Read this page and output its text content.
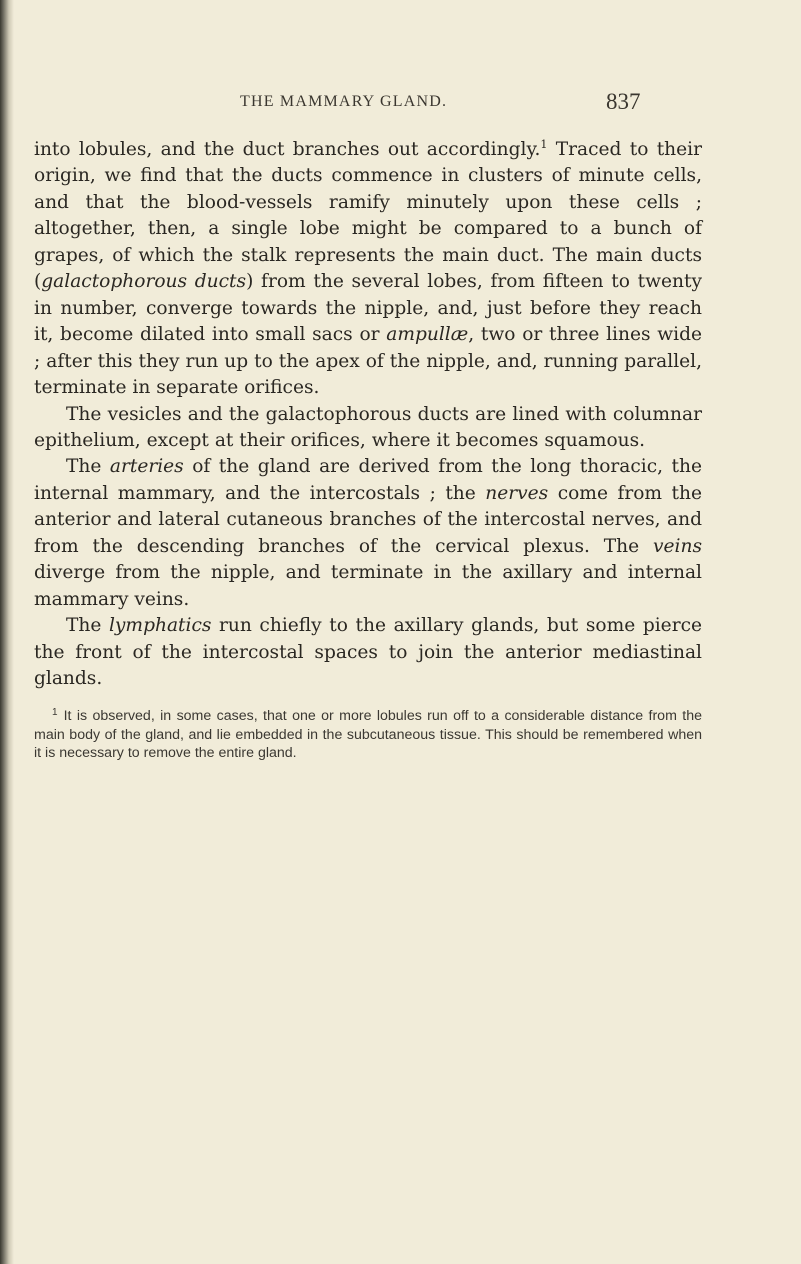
THE MAMMARY GLAND.	837

into lobules, and the duct branches out accordingly.$^1$ Traced to their origin, we find that the ducts commence in clusters of minute cells, and that the blood-vessels ramify minutely upon these cells ; altogether, then, a single lobe might be compared to a bunch of grapes, of which the stalk represents the main duct. The main ducts (galactophorous ducts) from the several lobes, from fifteen to twenty in number, converge towards the nipple, and, just before they reach it, become dilated into small sacs or ampullæ, two or three lines wide ; after this they run up to the apex of the nipple, and, running parallel, terminate in separate orifices.

The vesicles and the galactophorous ducts are lined with columnar epithelium, except at their orifices, where it becomes squamous.

The arteries of the gland are derived from the long thoracic, the internal mammary, and the intercostals ; the nerves come from the anterior and lateral cutaneous branches of the intercostal nerves, and from the descending branches of the cervical plexus. The veins diverge from the nipple, and terminate in the axillary and internal mammary veins.

The lymphatics run chiefly to the axillary glands, but some pierce the front of the intercostal spaces to join the anterior mediastinal glands.

$^1$ It is observed, in some cases, that one or more lobules run off to a considerable distance from the main body of the gland, and lie embedded in the subcutaneous tissue. This should be remembered when it is necessary to remove the entire gland.
